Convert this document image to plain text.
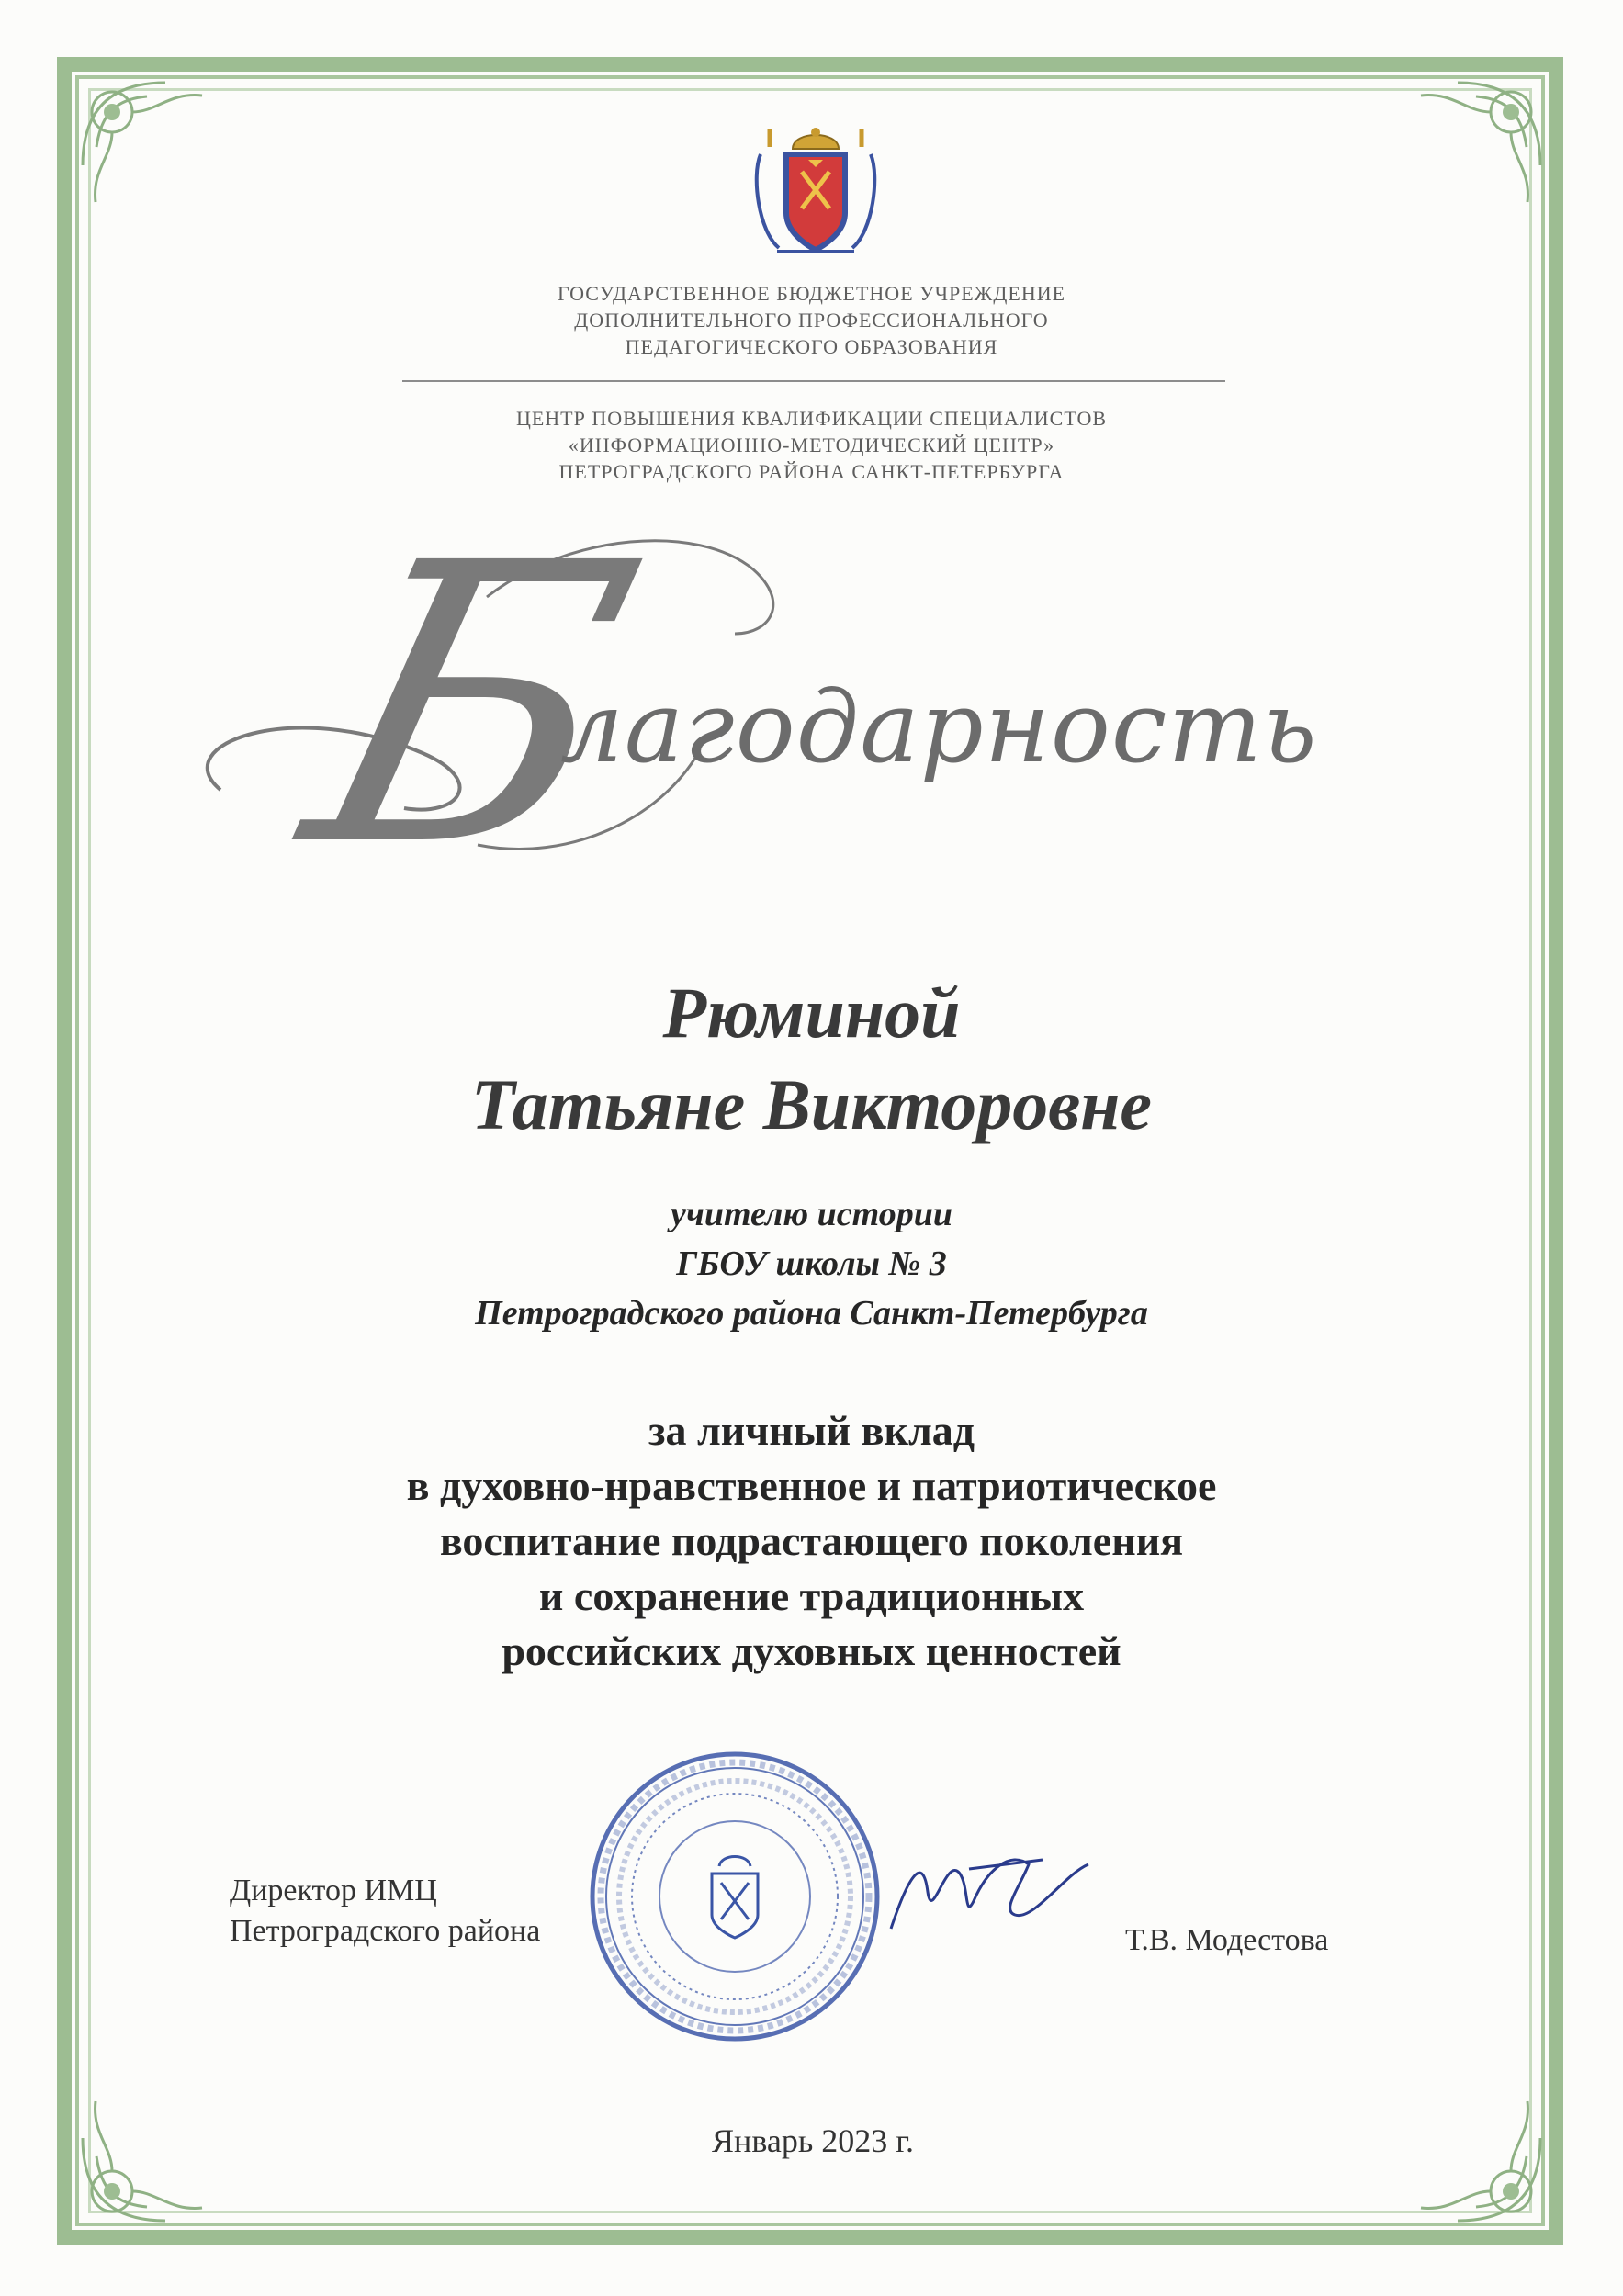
ГОСУДАРСТВЕННОЕ БЮДЖЕТНОЕ УЧРЕЖДЕНИЕ
ДОПОЛНИТЕЛЬНОГО ПРОФЕССИОНАЛЬНОГО
ПЕДАГОГИЧЕСКОГО ОБРАЗОВАНИЯ
ЦЕНТР ПОВЫШЕНИЯ КВАЛИФИКАЦИИ СПЕЦИАЛИСТОВ
«ИНФОРМАЦИОННО-МЕТОДИЧЕСКИЙ ЦЕНТР»
ПЕТРОГРАДСКОГО РАЙОНА САНКТ-ПЕТЕРБУРГА
Б
лагодарность
Рюминой
Татьяне Викторовне
учителю истории
ГБОУ школы № 3
Петроградского района Санкт-Петербурга
за личный вклад
в духовно-нравственное и патриотическое
воспитание подрастающего поколения
и сохранение традиционных
российских духовных ценностей
Директор ИМЦ
Петроградского района	Т.В. Модестова
Январь 2023 г.
